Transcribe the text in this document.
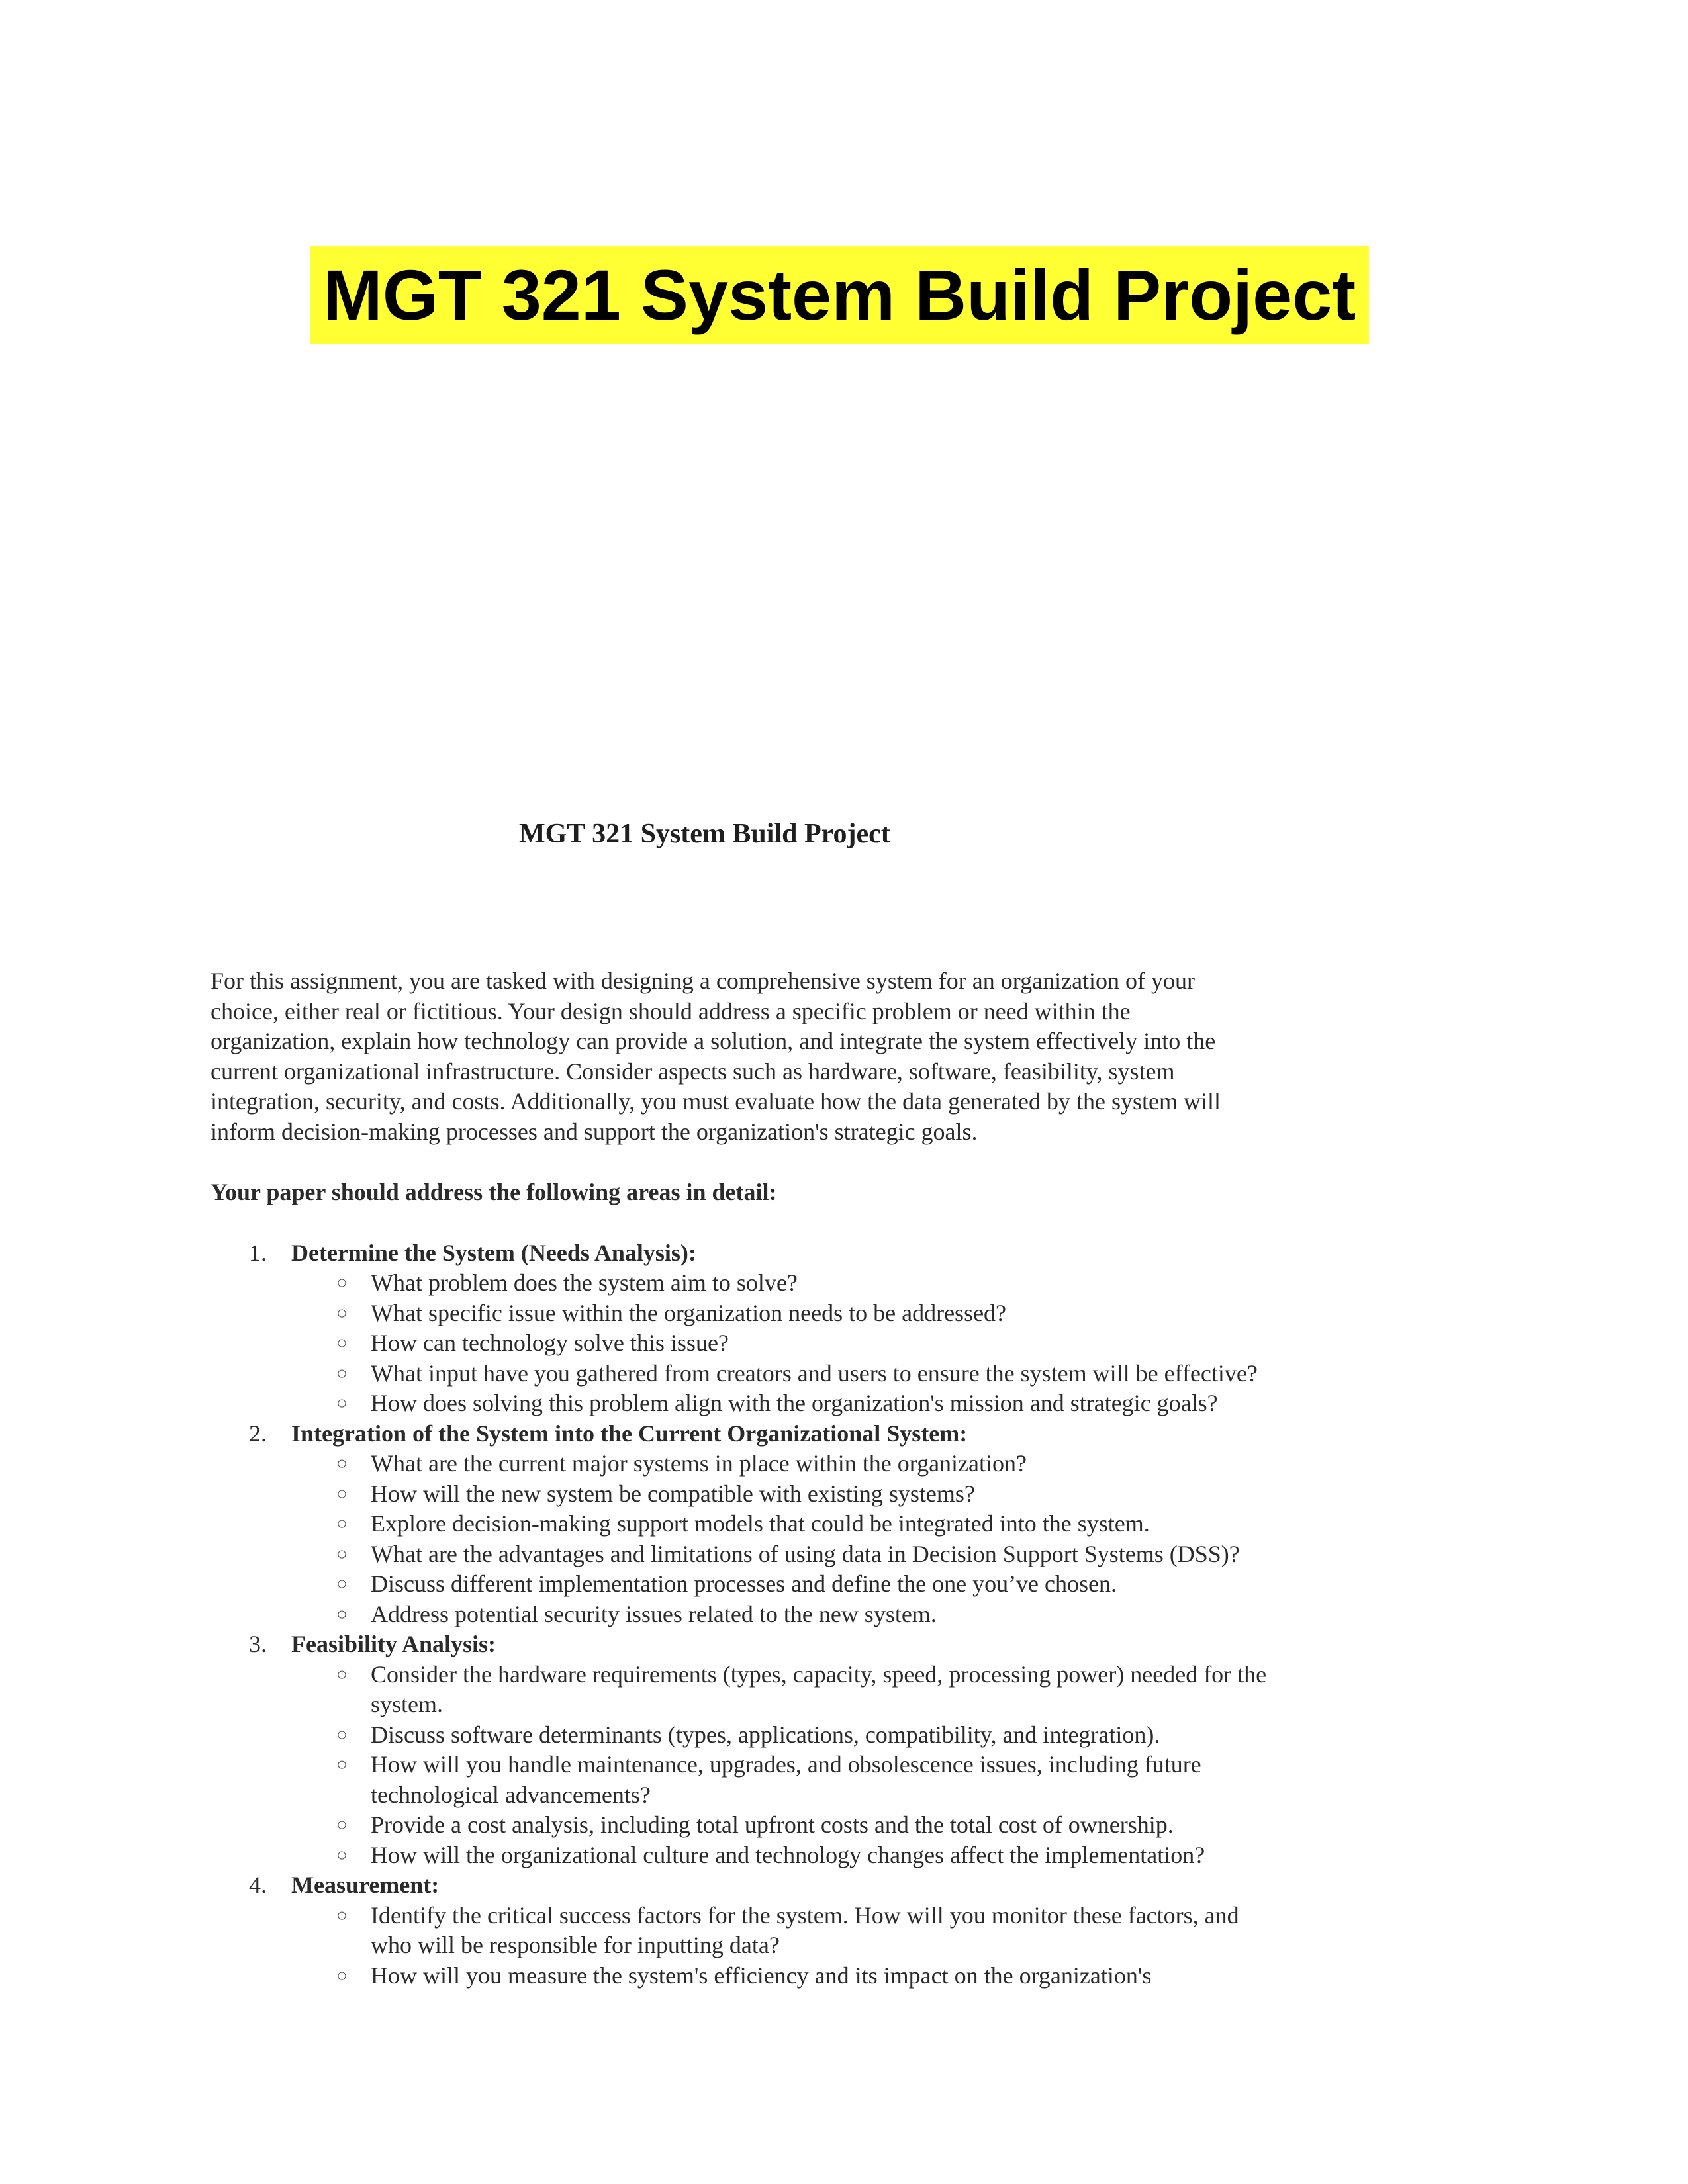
MGT 321 System Build Project
MGT 321 System Build Project

For this assignment, you are tasked with designing a comprehensive system for an organization of your choice, either real or fictitious. Your design should address a specific problem or need within the organization, explain how technology can provide a solution, and integrate the system effectively into the current organizational infrastructure. Consider aspects such as hardware, software, feasibility, system integration, security, and costs. Additionally, you must evaluate how the data generated by the system will inform decision-making processes and support the organization's strategic goals.

Your paper should address the following areas in detail:

1. Determine the System (Needs Analysis):
○ What problem does the system aim to solve?
○ What specific issue within the organization needs to be addressed?
○ How can technology solve this issue?
○ What input have you gathered from creators and users to ensure the system will be effective?
○ How does solving this problem align with the organization's mission and strategic goals?
2. Integration of the System into the Current Organizational System:
○ What are the current major systems in place within the organization?
○ How will the new system be compatible with existing systems?
○ Explore decision-making support models that could be integrated into the system.
○ What are the advantages and limitations of using data in Decision Support Systems (DSS)?
○ Discuss different implementation processes and define the one you’ve chosen.
○ Address potential security issues related to the new system.
3. Feasibility Analysis:
○ Consider the hardware requirements (types, capacity, speed, processing power) needed for the system.
○ Discuss software determinants (types, applications, compatibility, and integration).
○ How will you handle maintenance, upgrades, and obsolescence issues, including future technological advancements?
○ Provide a cost analysis, including total upfront costs and the total cost of ownership.
○ How will the organizational culture and technology changes affect the implementation?
4. Measurement:
○ Identify the critical success factors for the system. How will you monitor these factors, and who will be responsible for inputting data?
○ How will you measure the system's efficiency and its impact on the organization's
